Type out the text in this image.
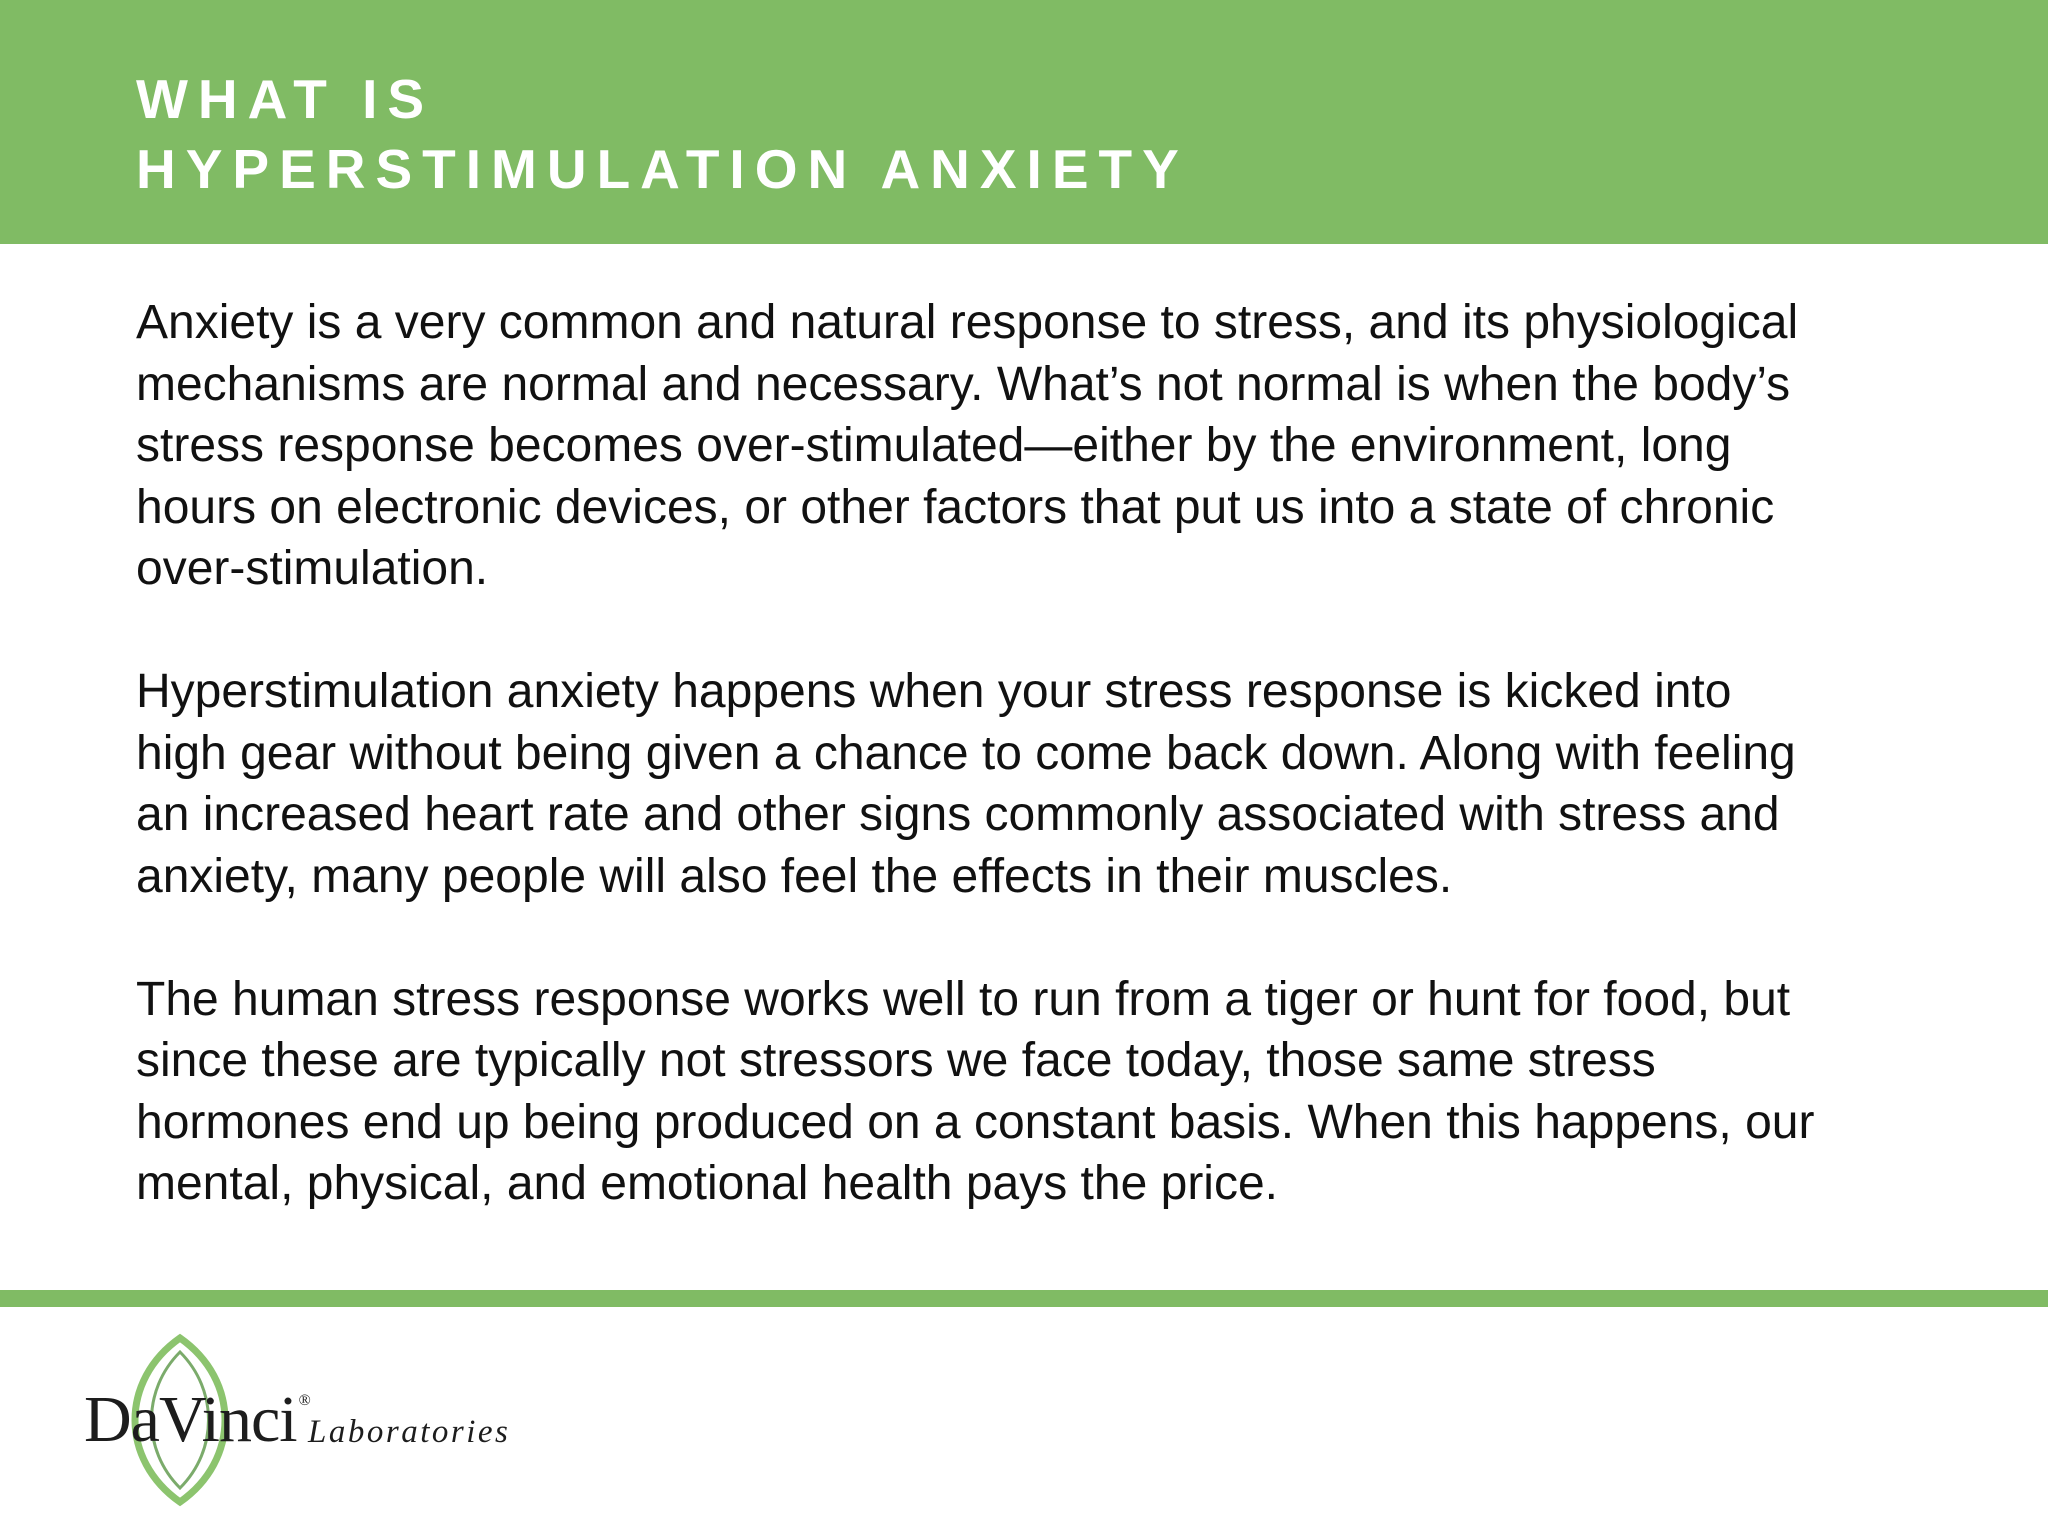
WHAT IS
HYPERSTIMULATION ANXIETY

Anxiety is a very common and natural response to stress, and its physiological
mechanisms are normal and necessary. What’s not normal is when the body’s
stress response becomes over-stimulated—either by the environment, long
hours on electronic devices, or other factors that put us into a state of chronic
over-stimulation.

Hyperstimulation anxiety happens when your stress response is kicked into
high gear without being given a chance to come back down. Along with feeling
an increased heart rate and other signs commonly associated with stress and
anxiety, many people will also feel the effects in their muscles.

The human stress response works well to run from a tiger or hunt for food, but
since these are typically not stressors we face today, those same stress
hormones end up being produced on a constant basis. When this happens, our
mental, physical, and emotional health pays the price.

DaVinci ®
Laboratories
